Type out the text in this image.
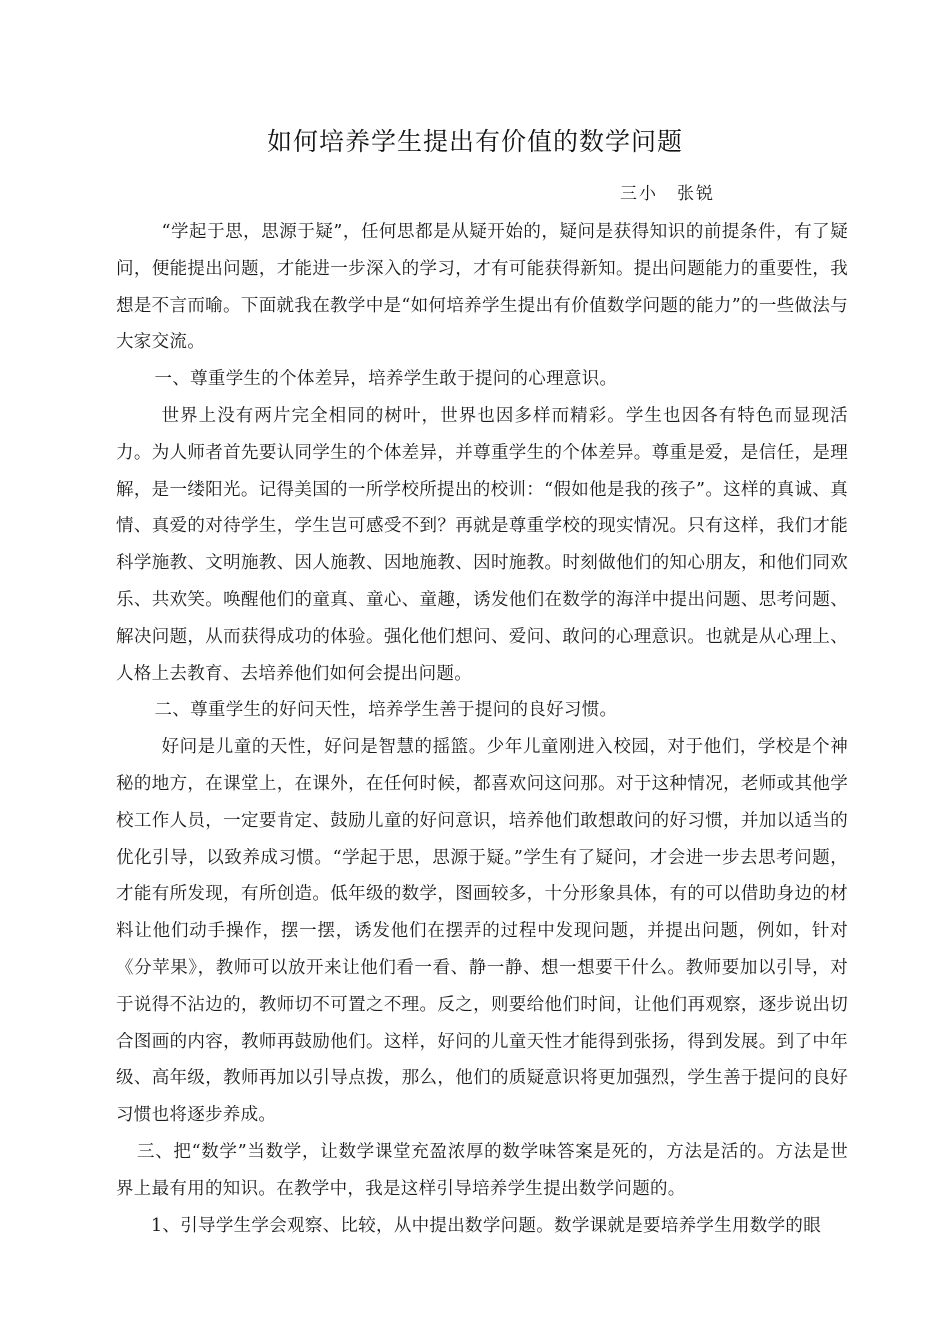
如何培养学生提出有价值的数学问题
三小　张锐

“学起于思，思源于疑”，任何思都是从疑开始的，疑问是获得知识的前提条件，有了疑问，便能提出问题，才能进一步深入的学习，才有可能获得新知。提出问题能力的重要性，我想是不言而喻。下面就我在教学中是“如何培养学生提出有价值数学问题的能力”的一些做法与大家交流。

一、尊重学生的个体差异，培养学生敢于提问的心理意识。

世界上没有两片完全相同的树叶，世界也因多样而精彩。学生也因各有特色而显现活力。为人师者首先要认同学生的个体差异，并尊重学生的个体差异。尊重是爱，是信任，是理解，是一缕阳光。记得美国的一所学校所提出的校训：“假如他是我的孩子”。这样的真诚、真情、真爱的对待学生，学生岂可感受不到？再就是尊重学校的现实情况。只有这样，我们才能科学施教、文明施教、因人施教、因地施教、因时施教。时刻做他们的知心朋友，和他们同欢乐、共欢笑。唤醒他们的童真、童心、童趣，诱发他们在数学的海洋中提出问题、思考问题、解决问题，从而获得成功的体验。强化他们想问、爱问、敢问的心理意识。也就是从心理上、人格上去教育、去培养他们如何会提出问题。

二、尊重学生的好问天性，培养学生善于提问的良好习惯。

好问是儿童的天性，好问是智慧的摇篮。少年儿童刚进入校园，对于他们，学校是个神秘的地方，在课堂上，在课外，在任何时候，都喜欢问这问那。对于这种情况，老师或其他学校工作人员，一定要肯定、鼓励儿童的好问意识，培养他们敢想敢问的好习惯，并加以适当的优化引导，以致养成习惯。“学起于思，思源于疑。”学生有了疑问，才会进一步去思考问题，才能有所发现，有所创造。低年级的数学，图画较多，十分形象具体，有的可以借助身边的材料让他们动手操作，摆一摆，诱发他们在摆弄的过程中发现问题，并提出问题，例如，针对《分苹果》，教师可以放开来让他们看一看、静一静、想一想要干什么。教师要加以引导，对于说得不沾边的，教师切不可置之不理。反之，则要给他们时间，让他们再观察，逐步说出切合图画的内容，教师再鼓励他们。这样，好问的儿童天性才能得到张扬，得到发展。到了中年级、高年级，教师再加以引导点拨，那么，他们的质疑意识将更加强烈，学生善于提问的良好习惯也将逐步养成。

三、把“数学”当数学，让数学课堂充盈浓厚的数学味答案是死的，方法是活的。方法是世界上最有用的知识。在教学中，我是这样引导培养学生提出数学问题的。

1、引导学生学会观察、比较，从中提出数学问题。数学课就是要培养学生用数学的眼
